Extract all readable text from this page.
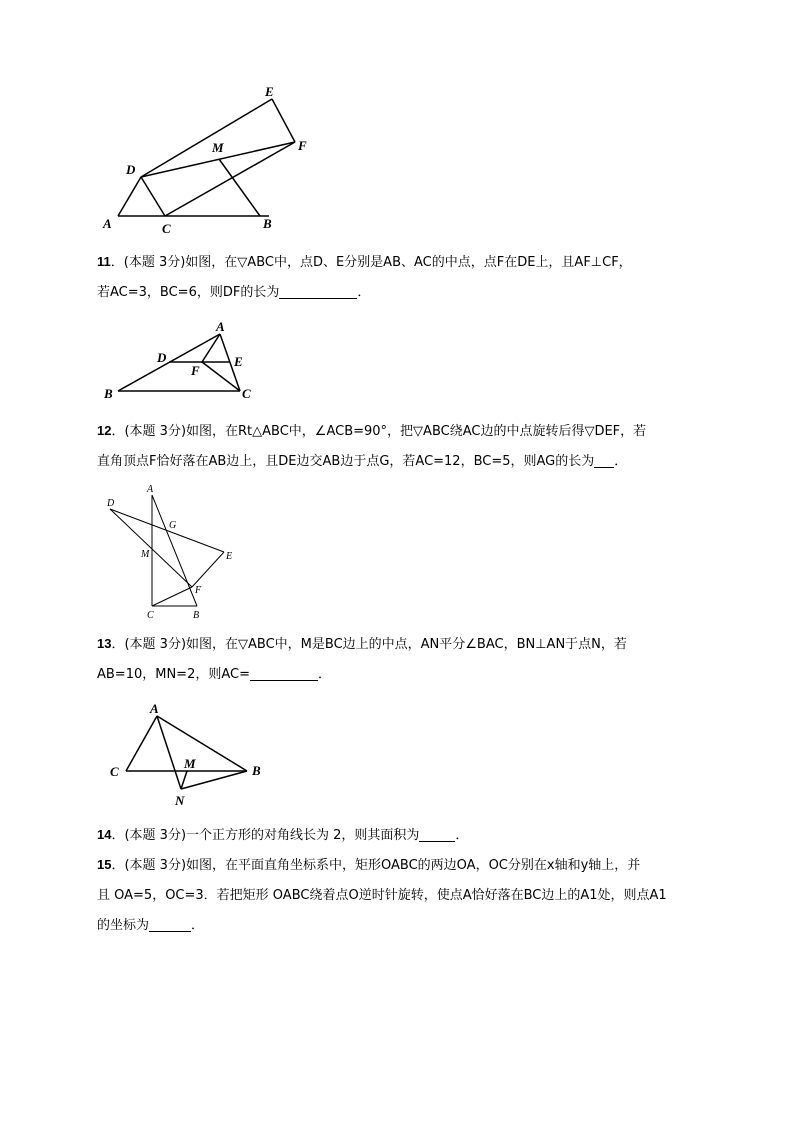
A	B
C
D
E
F
M

11．(本题 3分)如图，在▽ABC中，点D、E分别是AB、AC的中点，点F在DE上，且AF⊥CF，

若AC=3，BC=6，则DF的长为	．

A
B	C
D	E
F

12．(本题 3分)如图，在Rt△ABC中，∠ACB=90°，把▽ABC绕AC边的中点旋转后得▽DEF，若

直角顶点F恰好落在AB边上，且DE边交AB边于点G，若AC=12，BC=5，则AG的长为 ．

A
B
C
D
E
F
G
M

13．(本题 3分)如图，在▽ABC中，M是BC边上的中点，AN平分∠BAC，BN⊥AN于点N，若

AB=10，MN=2，则AC=	．

A
B
C
M
N

14．(本题 3分)一个正方形的对角线长为 2，则其面积为	．

15．(本题 3分)如图，在平面直角坐标系中，矩形OABC的两边OA，OC分别在x轴和y轴上，并

且 OA=5，OC=3．若把矩形 OABC绕着点O逆时针旋转，使点A恰好落在BC边上的A1处，则点A1

的坐标为	．
